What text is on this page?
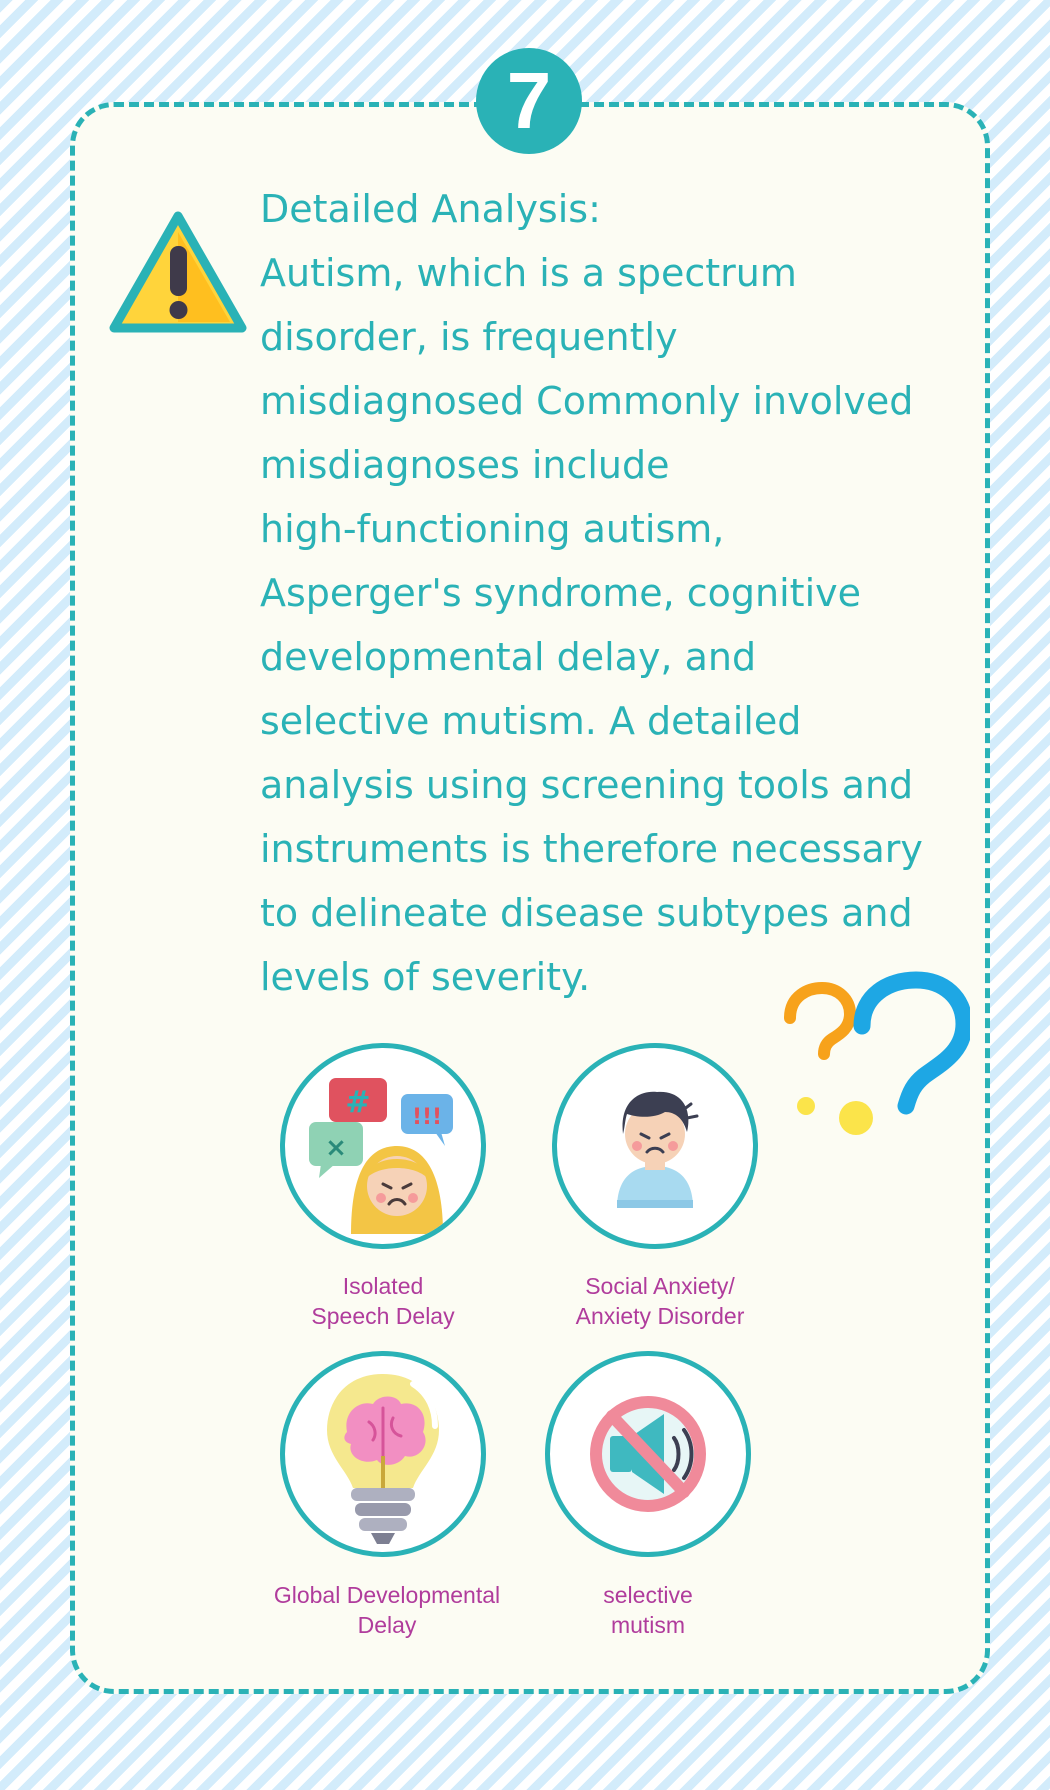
7
Detailed Analysis:
Autism, which is a spectrum
disorder, is frequently
misdiagnosed Commonly involved
misdiagnoses include
high-functioning autism,
Asperger's syndrome, cognitive
developmental delay, and
selective mutism. A detailed
analysis using screening tools and
instruments is therefore necessary
to delineate disease subtypes and
levels of severity.
# !!!
×
Isolated
Speech Delay
Social Anxiety/
Anxiety Disorder
Global Developmental
Delay
selective
mutism
